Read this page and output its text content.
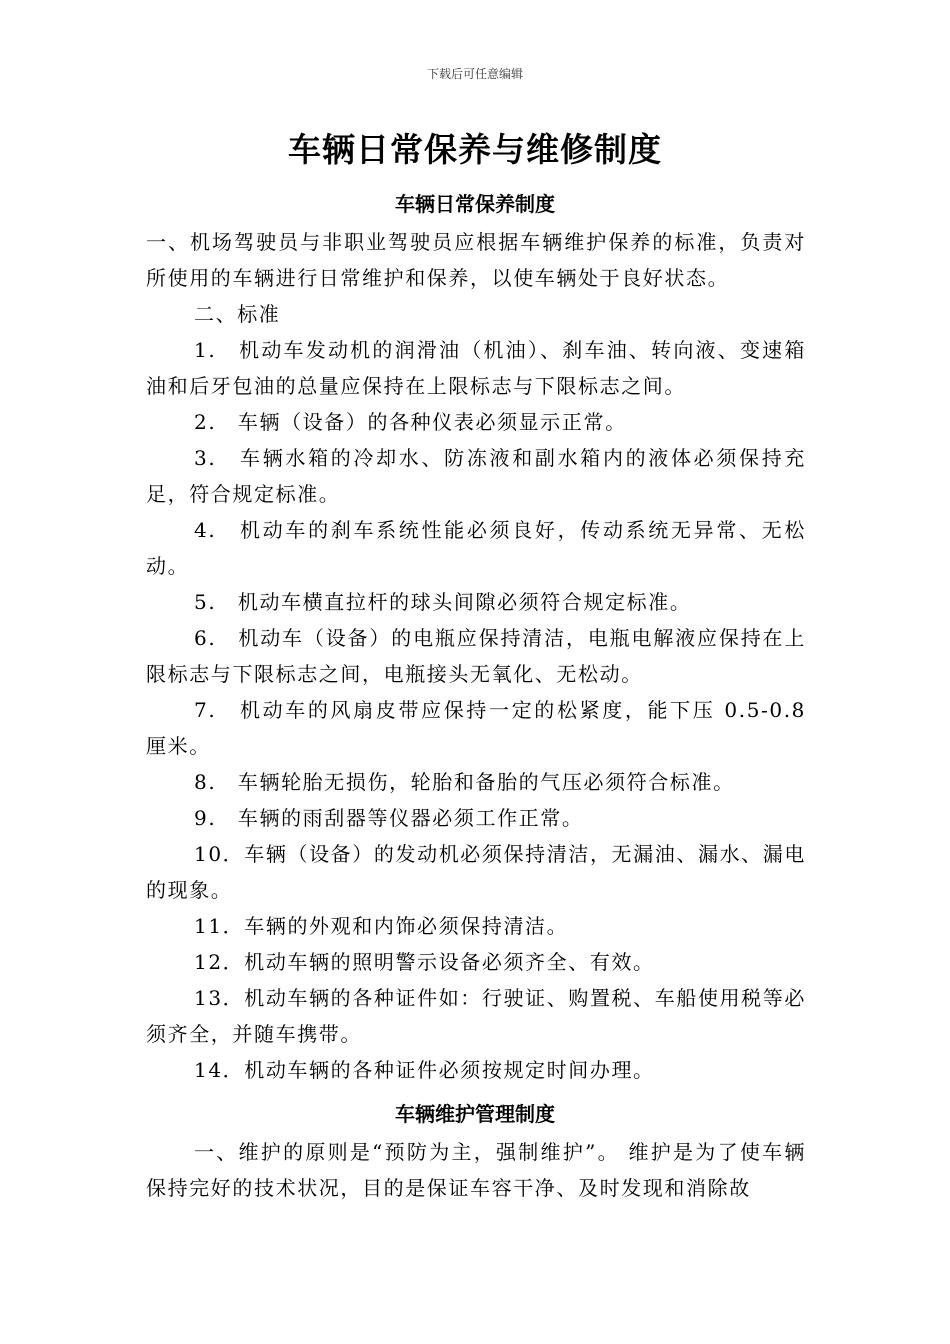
下载后可任意编辑
车辆日常保养与维修制度
车辆日常保养制度

一、机场驾驶员与非职业驾驶员应根据车辆维护保养的标准，负责对所使用的车辆进行日常维护和保养，以使车辆处于良好状态。

二、标准

1.　机动车发动机的润滑油（机油）、刹车油、转向液、变速箱油和后牙包油的总量应保持在上限标志与下限标志之间。

2.　车辆（设备）的各种仪表必须显示正常。

3.　车辆水箱的冷却水、防冻液和副水箱内的液体必须保持充足，符合规定标准。

4.　机动车的刹车系统性能必须良好，传动系统无异常、无松动。

5.　机动车横直拉杆的球头间隙必须符合规定标准。

6.　机动车（设备）的电瓶应保持清洁，电瓶电解液应保持在上限标志与下限标志之间，电瓶接头无氧化、无松动。

7.　机动车的风扇皮带应保持一定的松紧度，能下压 0.5-0.8 厘米。

8.　车辆轮胎无损伤，轮胎和备胎的气压必须符合标准。

9.　车辆的雨刮器等仪器必须工作正常。

10．车辆（设备）的发动机必须保持清洁，无漏油、漏水、漏电的现象。

11．车辆的外观和内饰必须保持清洁。

12．机动车辆的照明警示设备必须齐全、有效。

13．机动车辆的各种证件如：行驶证、购置税、车船使用税等必须齐全，并随车携带。

14．机动车辆的各种证件必须按规定时间办理。

车辆维护管理制度

一、维护的原则是“预防为主，强制维护”。 维护是为了使车辆保持完好的技术状况，目的是保证车容干净、及时发现和消除故
